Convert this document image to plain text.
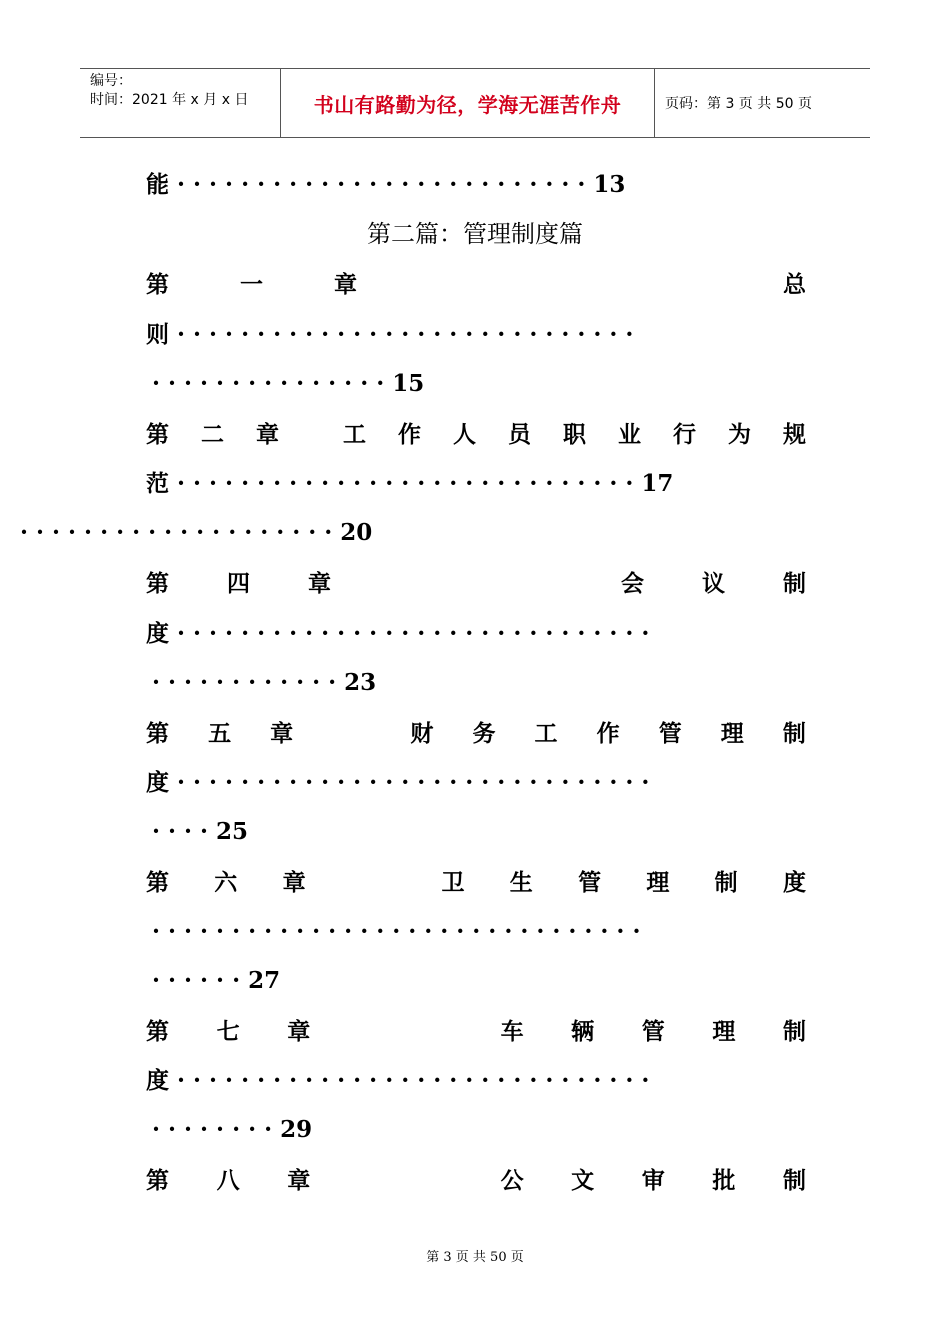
编号：
时间：2021 年 x 月 x 日	书山有路勤为径，学海无涯苦作舟	页码：第 3 页 共 50 页
能 · · · · · · · · · · · · · · · · · · · · · · · · · · 13
第二篇：管理制度篇
第	一	章	总
则 · · · · · · · · · · · · · · · · · · · · · · · · · · · · ·
· · · · · · · · · · · · · · · 15
第 二 章	工 作 人 员 职 业 行 为 规
范 · · · · · · · · · · · · · · · · · · · · · · · · · · · · · 17
· · · · · · · · · · · · · · · · · · · · 20
第	四	章	会	议	制
度 · · · · · · · · · · · · · · · · · · · · · · · · · · · · · ·
· · · · · · · · · · · · 23
第 五 章	财 务 工 作 管 理 制
度 · · · · · · · · · · · · · · · · · · · · · · · · · · · · · ·
· · · · 25
第 六 章	卫 生 管 理 制 度
· · · · · · · · · · · · · · · · · · · · · · · · · · · · · · ·
· · · · · · 27
第 七 章	车 辆 管 理 制
度 · · · · · · · · · · · · · · · · · · · · · · · · · · · · · ·
· · · · · · · · 29
第 八 章	公 文 审 批 制
第 3 页 共 50 页
